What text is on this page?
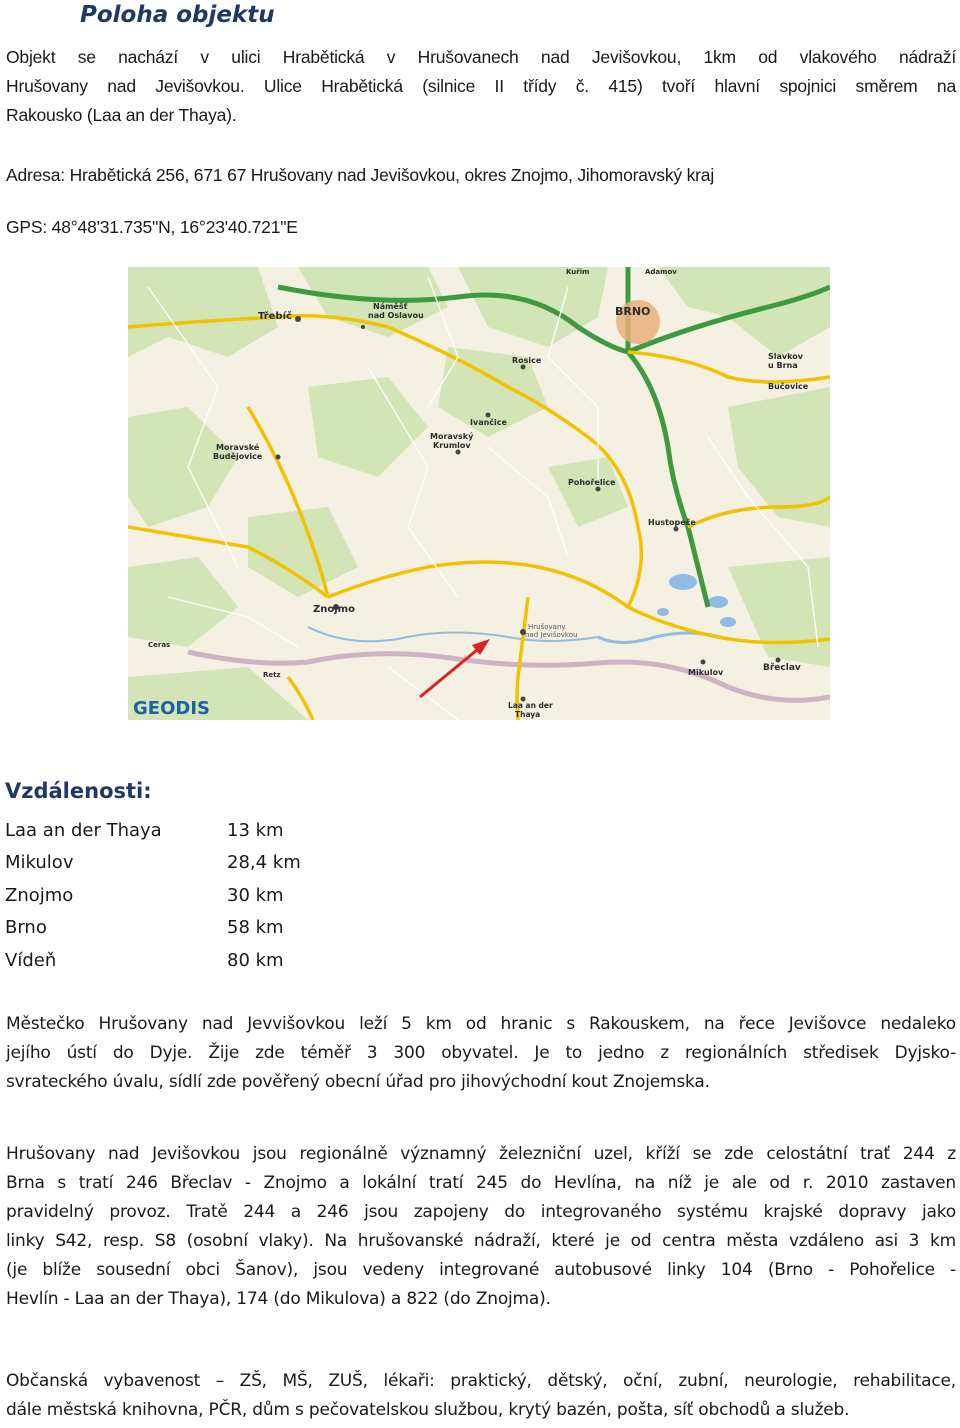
Poloha objektu
Objekt se nachází v ulici Hrabětická v Hrušovanech nad Jevišovkou, 1km od vlakového nádraží
Hrušovany nad Jevišovkou. Ulice Hrabětická (silnice II třídy č. 415) tvoří hlavní spojnici směrem na
Rakousko (Laa an der Thaya).
Adresa: Hrabětická 256, 671 67 Hrušovany nad Jevišovkou, okres Znojmo, Jihomoravský kraj
GPS: 48°48'31.735"N, 16°23'40.721"E
BRNO
Třebíč
Náměšť
nad Oslavou
Rosice
Ivančice
Moravský
Krumlov
Moravské
Budějovice
Pohořelice
Hustopeče
Znojmo
Mikulov	Břeclav
Hrušovany
nad Jevišovkou
Laa an der
Thaya
Kuřim	Adamov
Slavkov
u Brna
Bučovice
Retz
Ceras
GEODIS
Vzdálenosti:
Laa an der Thaya	13 km
Mikulov	28,4 km
Znojmo	30 km
Brno	58 km
Vídeň	80 km
Městečko Hrušovany nad Jevvišovkou leží 5 km od hranic s Rakouskem, na řece Jevišovce nedaleko
jejího ústí do Dyje. Žije zde téměř 3 300 obyvatel. Je to jedno z regionálních středisek Dyjsko-
svrateckého úvalu, sídlí zde pověřený obecní úřad pro jihovýchodní kout Znojemska.
Hrušovany nad Jevišovkou jsou regionálně významný železniční uzel, kříží se zde celostátní trať 244 z
Brna s tratí 246 Břeclav - Znojmo a lokální tratí 245 do Hevlína, na níž je ale od r. 2010 zastaven
pravidelný provoz. Tratě 244 a 246 jsou zapojeny do integrovaného systému krajské dopravy jako
linky S42, resp. S8 (osobní vlaky). Na hrušovanské nádraží, které je od centra města vzdáleno asi 3 km
(je blíže sousední obci Šanov), jsou vedeny integrované autobusové linky 104 (Brno - Pohořelice -
Hevlín - Laa an der Thaya), 174 (do Mikulova) a 822 (do Znojma).
Občanská vybavenost – ZŠ, MŠ, ZUŠ, lékaři: praktický, dětský, oční, zubní, neurologie, rehabilitace,
dále městská knihovna, PČR, dům s pečovatelskou službou, krytý bazén, pošta, síť obchodů a služeb.
